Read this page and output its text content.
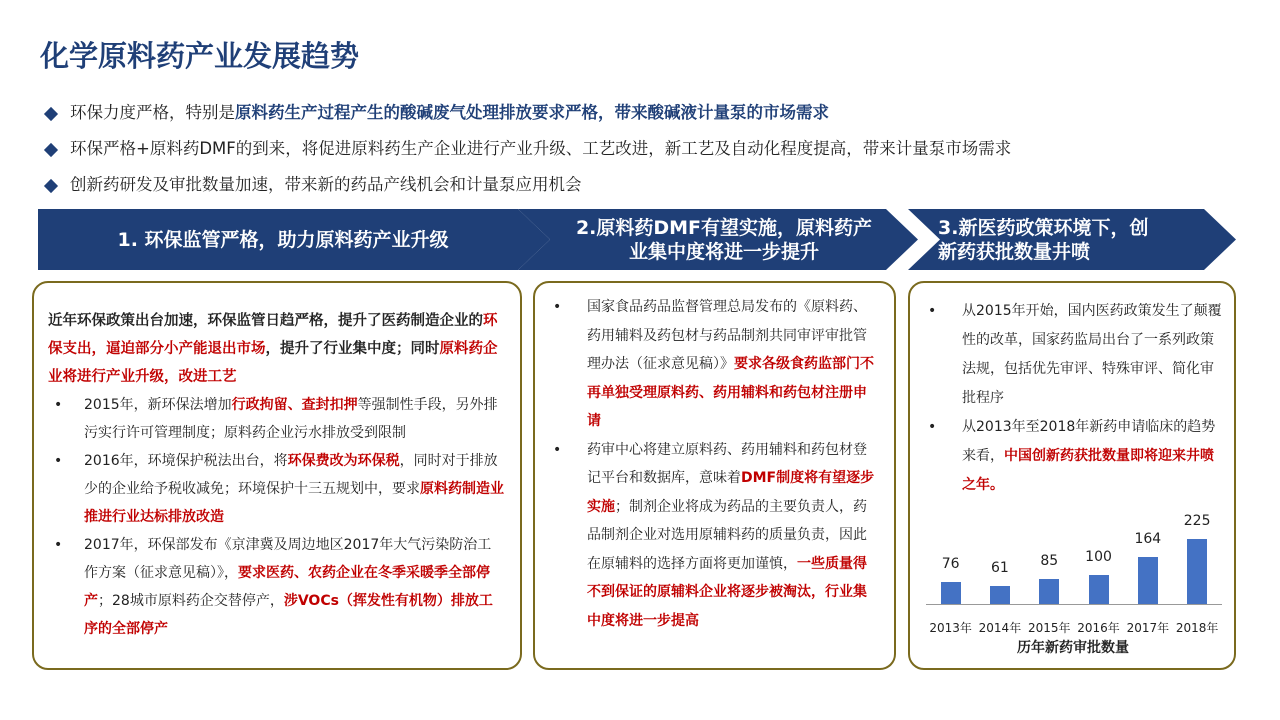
化学原料药产业发展趋势
环保力度严格，特别是原料药生产过程产生的酸碱废气处理排放要求严格，带来酸碱液计量泵的市场需求
环保严格+原料药DMF的到来，将促进原料药生产企业进行产业升级、工艺改进，新工艺及自动化程度提高，带来计量泵市场需求
创新药研发及审批数量加速，带来新的药品产线机会和计量泵应用机会
1. 环保监管严格，助力原料药产业升级
2.原料药DMF有望实施，原料药产
业集中度将进一步提升
3.新医药政策环境下，创
新药获批数量井喷
近年环保政策出台加速，环保监管日趋严格，提升了医药制造企业的环保支出，逼迫部分小产能退出市场，提升了行业集中度；同时原料药企业将进行产业升级，改进工艺
• 2015年，新环保法增加行政拘留、查封扣押等强制性手段，另外排污实行许可管理制度；原料药企业污水排放受到限制
• 2016年，环境保护税法出台，将环保费改为环保税，同时对于排放少的企业给予税收减免；环境保护十三五规划中，要求原料药制造业推进行业达标排放改造
• 2017年，环保部发布《京津冀及周边地区2017年大气污染防治工作方案（征求意见稿）》，要求医药、农药企业在冬季采暖季全部停产；28城市原料药企交替停产，涉VOCs（挥发性有机物）排放工序的全部停产
• 国家食品药品监督管理总局发布的《原料药、药用辅料及药包材与药品制剂共同审评审批管理办法（征求意见稿）》要求各级食药监部门不再单独受理原料药、药用辅料和药包材注册申请
• 药审中心将建立原料药、药用辅料和药包材登记平台和数据库，意味着DMF制度将有望逐步实施；制剂企业将成为药品的主要负责人，药品制剂企业对选用原辅料药的质量负责，因此在原辅料的选择方面将更加谨慎，一些质量得不到保证的原辅料企业将逐步被淘汰，行业集中度将进一步提高
• 从2015年开始，国内医药政策发生了颠覆性的改革，国家药监局出台了一系列政策法规，包括优先审评、特殊审评、简化审批程序
• 从2013年至2018年新药申请临床的趋势来看，中国创新药获批数量即将迎来井喷之年。
历年新药审批数量
76
2013年
61
2014年
85
2015年
100
2016年
164
2017年
225
2018年
